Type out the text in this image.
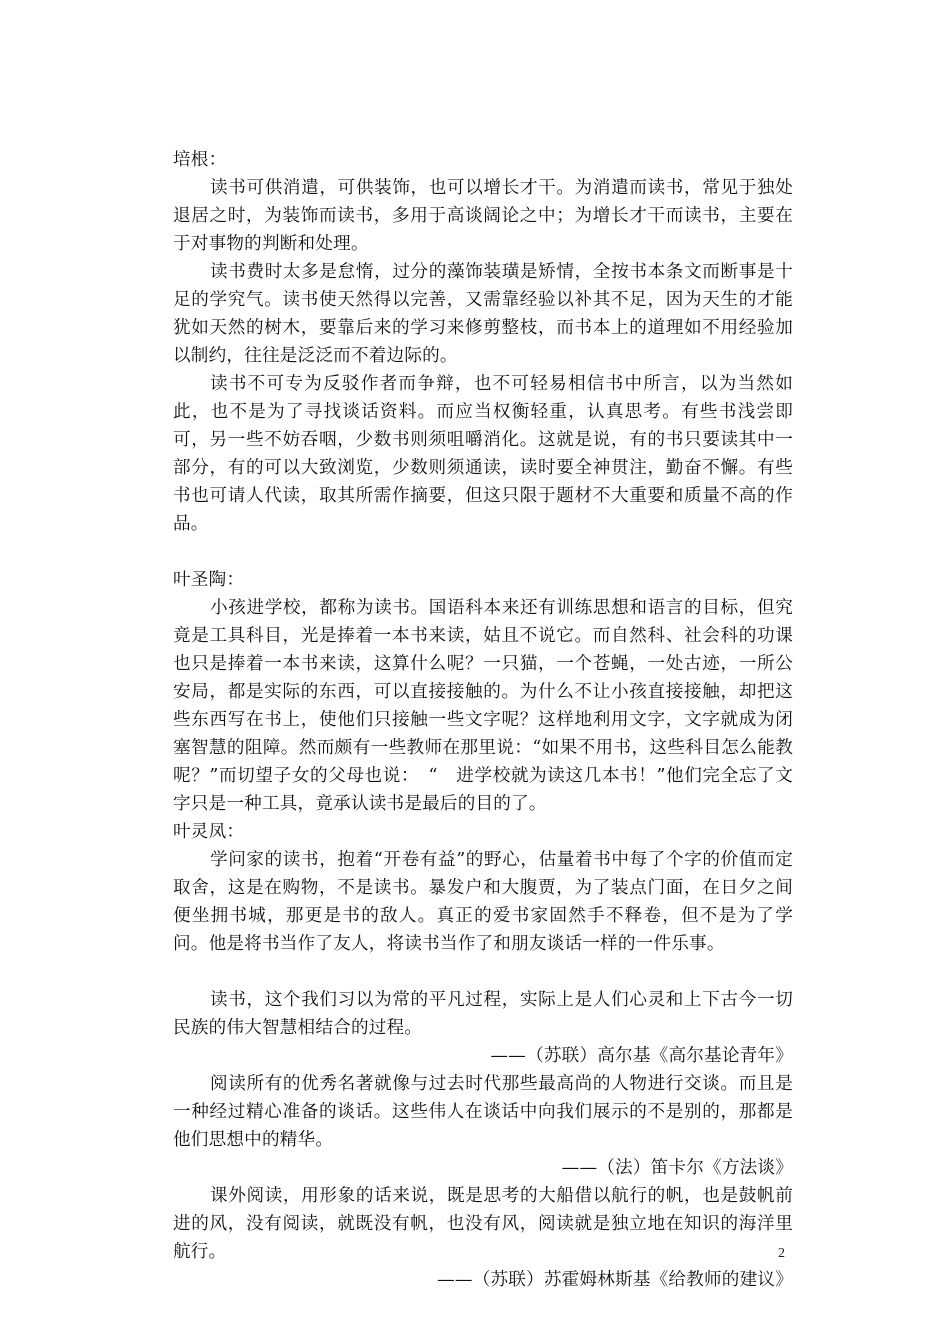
培根：

读书可供消遣，可供装饰，也可以增长才干。为消遣而读书，常见于独处退居之时，为装饰而读书，多用于高谈阔论之中；为增长才干而读书，主要在于对事物的判断和处理。

读书费时太多是怠惰，过分的藻饰装璜是矫情，全按书本条文而断事是十足的学究气。读书使天然得以完善，又需靠经验以补其不足，因为天生的才能犹如天然的树木，要靠后来的学习来修剪整枝，而书本上的道理如不用经验加以制约，往往是泛泛而不着边际的。

读书不可专为反驳作者而争辩，也不可轻易相信书中所言，以为当然如此，也不是为了寻找谈话资料。而应当权衡轻重，认真思考。有些书浅尝即可，另一些不妨吞咽，少数书则须咀嚼消化。这就是说，有的书只要读其中一部分，有的可以大致浏览，少数则须通读，读时要全神贯注，勤奋不懈。有些书也可请人代读，取其所需作摘要，但这只限于题材不大重要和质量不高的作品。

叶圣陶：

小孩进学校，都称为读书。国语科本来还有训练思想和语言的目标，但究竟是工具科目，光是捧着一本书来读，姑且不说它。而自然科、社会科的功课也只是捧着一本书来读，这算什么呢？一只猫，一个苍蝇，一处古迹，一所公安局，都是实际的东西，可以直接接触的。为什么不让小孩直接接触，却把这些东西写在书上，使他们只接触一些文字呢？这样地利用文字，文字就成为闭塞智慧的阻障。然而颇有一些教师在那里说：“如果不用书，这些科目怎么能教呢？”而切望子女的父母也说：　“　进学校就为读这几本书！”他们完全忘了文字只是一种工具，竟承认读书是最后的目的了。

叶灵凤：

学问家的读书，抱着“开卷有益”的野心，估量着书中每了个字的价值而定取舍，这是在购物，不是读书。暴发户和大腹贾，为了装点门面，在日夕之间便坐拥书城，那更是书的敌人。真正的爱书家固然手不释卷，但不是为了学问。他是将书当作了友人，将读书当作了和朋友谈话一样的一件乐事。

读书，这个我们习以为常的平凡过程，实际上是人们心灵和上下古今一切民族的伟大智慧相结合的过程。

——（苏联）高尔基《高尔基论青年》

阅读所有的优秀名著就像与过去时代那些最高尚的人物进行交谈。而且是一种经过精心准备的谈话。这些伟人在谈话中向我们展示的不是别的，那都是他们思想中的精华。

——（法）笛卡尔《方法谈》

课外阅读，用形象的话来说，既是思考的大船借以航行的帆，也是鼓帆前进的风，没有阅读，就既没有帆，也没有风，阅读就是独立地在知识的海洋里航行。

——（苏联）苏霍姆林斯基《给教师的建议》

2
